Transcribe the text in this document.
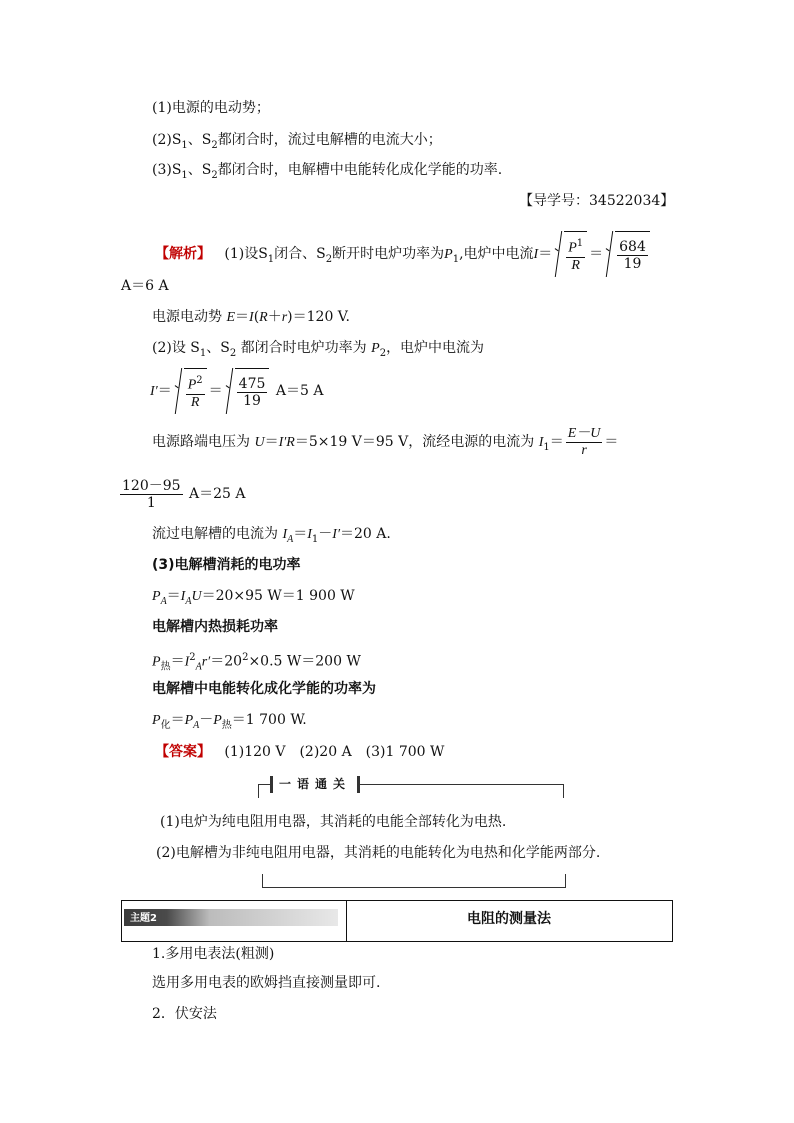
(1)电源的电动势；
$(2)S_1$、$S_2$都闭合时，流过电解槽的电流大小；
$(3)S_1$、$S_2$都闭合时，电解槽中电能转化成化学能的功率.
【导学号：34522034】
【解析】 (1)设$S_1$闭合、$S_2$断开时电炉功率为$P_1$,电炉中电流$I= \frac{P^1}{R} = \frac{684}{19}$
A＝6 A
电源电动势 E＝I(R＋r)＝120 V.
(2)设 $S_1$、$S_2$ 都闭合时电炉功率为 $P_2$，电炉中电流为
$I'= \frac{P^2}{R} = \frac{475}{19} A=5$ A
电源路端电压为 U＝I′R＝5×19 V＝95 V，流经电源的电流为 $I_1= \frac{E-U}{r}$ ＝
$\frac{120-95}{1} A=25$ A
流过电解槽的电流为 $I_A=I_1-I'=20$ A.
(3)电解槽消耗的电功率
$P_A=I_AU=20\times 95$ W＝1 900 W
电解槽内热损耗功率
$P_热=I^2_Ar'=20^2\times 0.5$ W＝200 W
电解槽中电能转化成化学能的功率为
$P_化=P_A-P_热=1$ 700 W.
【答案】 (1)120 V　(2)20 A　(3)1 700 W
一语通关
(1)电炉为纯电阻用电器，其消耗的电能全部转化为电热.
(2)电解槽为非纯电阻用电器，其消耗的电能转化为电热和化学能两部分.
主题2	电阻的测量法
1.多用电表法(粗测)
选用多用电表的欧姆挡直接测量即可.
2．伏安法
